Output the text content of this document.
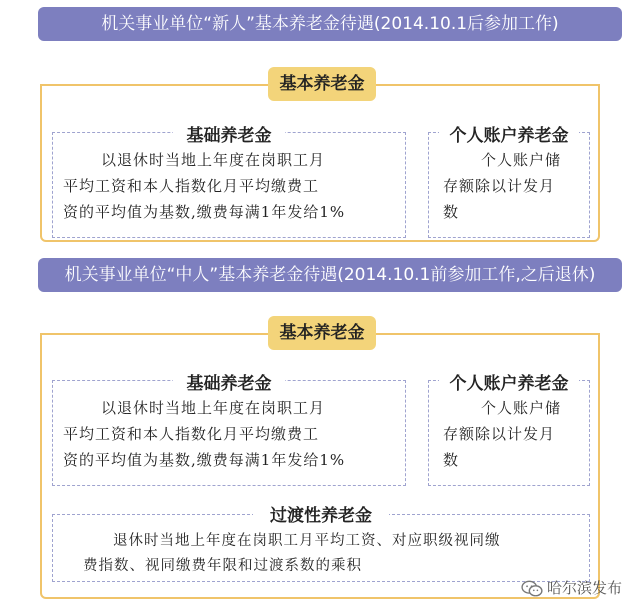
机关事业单位“新人”基本养老金待遇(2014.10.1后参加工作)
基本养老金
基础养老金
以退休时当地上年度在岗职工月
平均工资和本人指数化月平均缴费工
资的平均值为基数,缴费每满1年发给1%
个人账户养老金
个人账户储
存额除以计发月
数
机关事业单位“中人”基本养老金待遇(2014.10.1前参加工作,之后退休)
基本养老金
基础养老金
以退休时当地上年度在岗职工月
平均工资和本人指数化月平均缴费工
资的平均值为基数,缴费每满1年发给1%
个人账户养老金
个人账户储
存额除以计发月
数
过渡性养老金
退休时当地上年度在岗职工月平均工资、对应职级视同缴
费指数、视同缴费年限和过渡系数的乘积
哈尔滨发布
